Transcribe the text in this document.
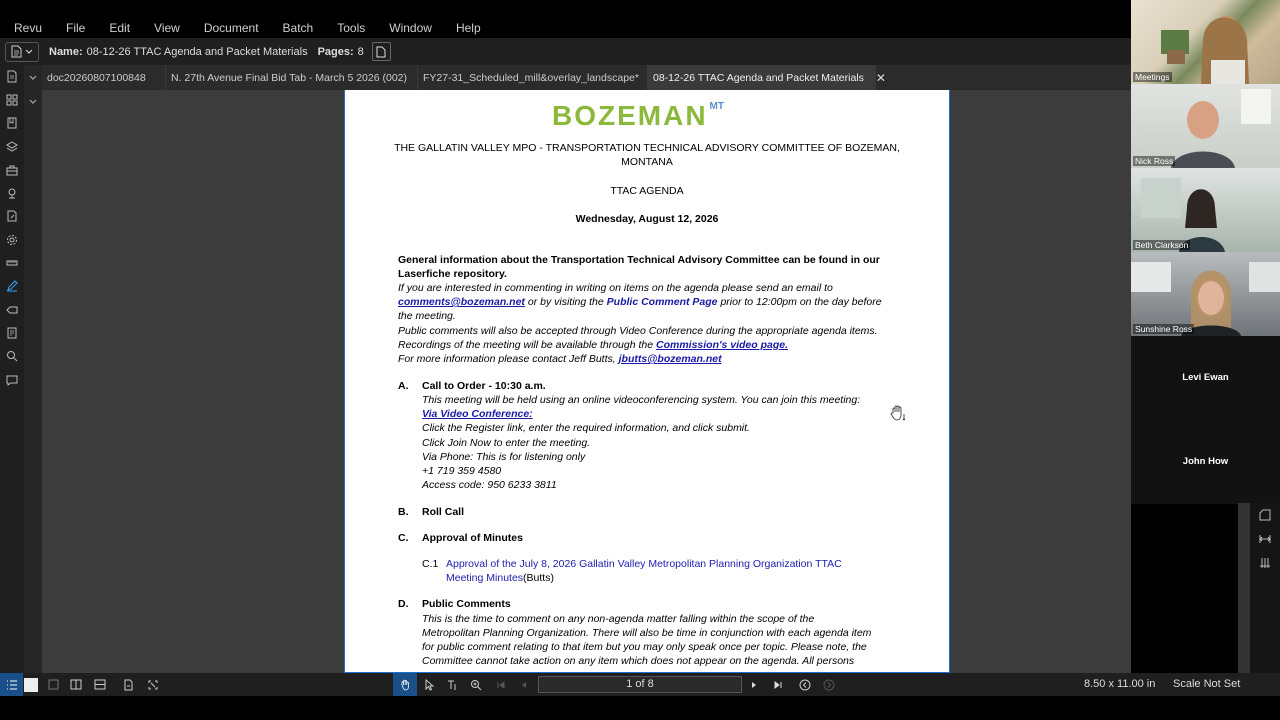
Revu File Edit View Document Batch Tools Window Help
Name: 08-12-26 TTAC Agenda and Packet Materials Pages: 8
doc20260807100848 N. 27th Avenue Final Bid Tab - March 5 2026 (002) FY27-31_Scheduled_mill&overlay_landscape* 08-12-26 TTAC Agenda and Packet Materials ✕
BOZEMAN $^{MT}$
THE GALLATIN VALLEY MPO - TRANSPORTATION TECHNICAL ADVISORY COMMITTEE OF BOZEMAN,
MONTANA
TTAC AGENDA
Wednesday, August 12, 2026
General information about the Transportation Technical Advisory Committee can be found in our
Laserfiche repository.
If you are interested in commenting in writing on items on the agenda please send an email to
comments@bozeman.net or by visiting the Public Comment Page prior to 12:00pm on the day before
the meeting.
Public comments will also be accepted through Video Conference during the appropriate agenda items.
Recordings of the meeting will be available through the Commission's video page.
For more information please contact Jeff Butts, jbutts@bozeman.net
A. Call to Order - 10:30 a.m.
This meeting will be held using an online videoconferencing system. You can join this meeting:
Via Video Conference:
Click the Register link, enter the required information, and click submit.
Click Join Now to enter the meeting.
Via Phone: This is for listening only
+1 719 359 4580
Access code: 950 6233 3811
B. Roll Call
C. Approval of Minutes
C.1 Approval of the July 8, 2026 Gallatin Valley Metropolitan Planning Organization TTAC
Meeting Minutes(Butts)
D. Public Comments
This is the time to comment on any non-agenda matter falling within the scope of the
Metropolitan Planning Organization. There will also be time in conjunction with each agenda item
for public comment relating to that item but you may only speak once per topic. Please note, the
Committee cannot take action on any item which does not appear on the agenda. All persons
Meetings
Nick Ross
Beth Clarkson
Sunshine Ross
Levi Ewan
John How
1 of 8	8.50 x 11.00 in Scale Not Set
